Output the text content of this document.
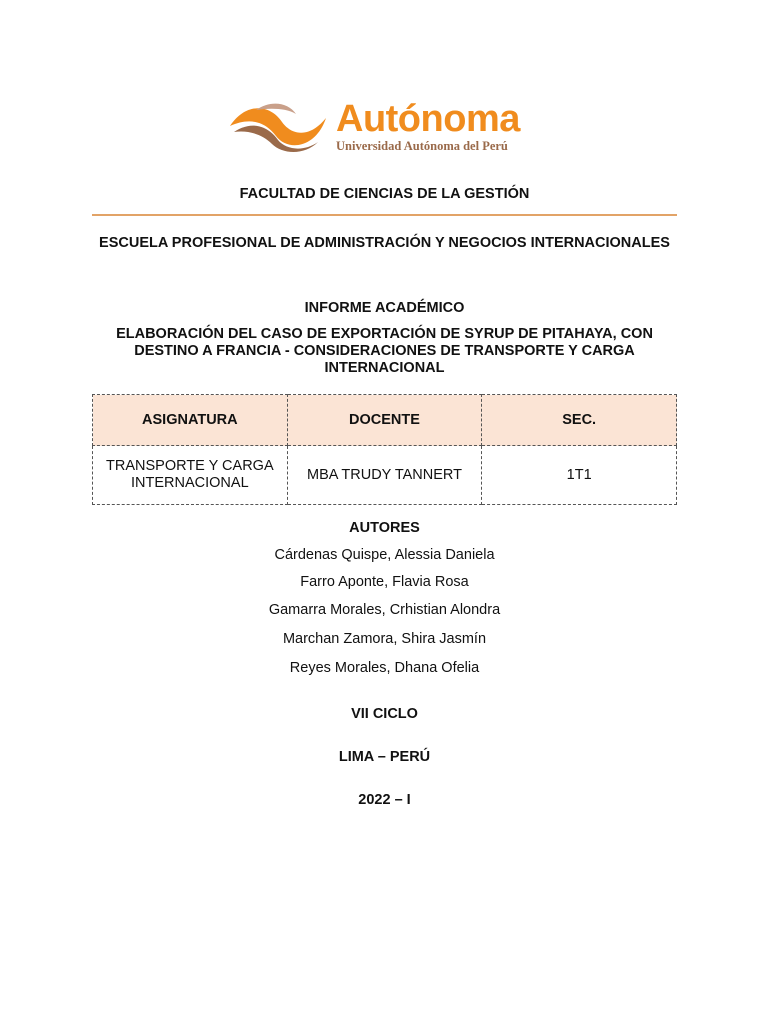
Autónoma
Universidad Autónoma del Perú
FACULTAD DE CIENCIAS DE LA GESTIÓN
ESCUELA PROFESIONAL DE ADMINISTRACIÓN Y NEGOCIOS INTERNACIONALES
INFORME ACADÉMICO
ELABORACIÓN DEL CASO DE EXPORTACIÓN DE SYRUP DE PITAHAYA, CON DESTINO A FRANCIA - CONSIDERACIONES DE TRANSPORTE Y CARGA INTERNACIONAL
ASIGNATURA	DOCENTE	SEC.
TRANSPORTE Y CARGA INTERNACIONAL	MBA TRUDY TANNERT	1T1
AUTORES
Cárdenas Quispe, Alessia Daniela
Farro Aponte, Flavia Rosa
Gamarra Morales, Crhistian Alondra
Marchan Zamora, Shira Jasmín
Reyes Morales, Dhana Ofelia
VII CICLO
LIMA – PERÚ
2022 – I
